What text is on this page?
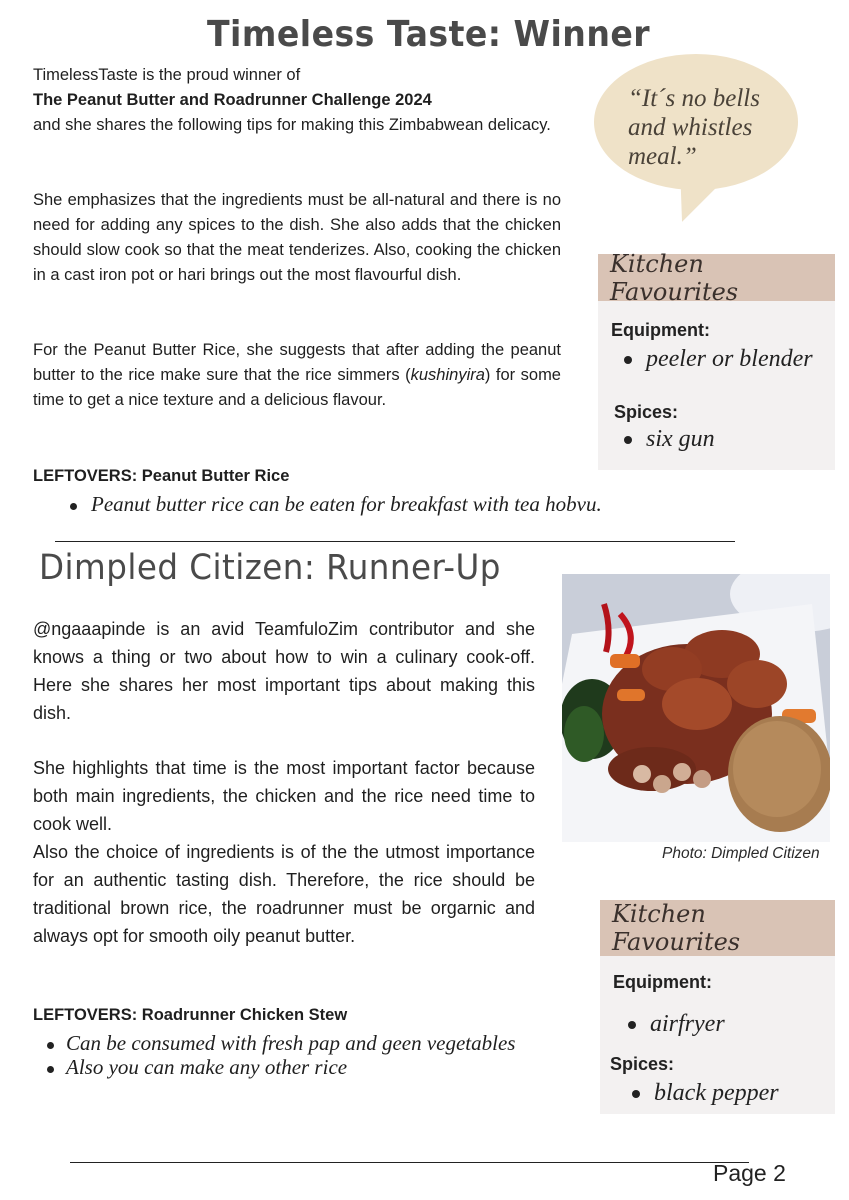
Timeless Taste: Winner
TimelessTaste is the proud winner of
The Peanut Butter and Roadrunner Challenge 2024
and she shares the following tips for making this Zimbabwean delicacy.

She emphasizes that the ingredients must be all-natural and there is no need for adding any spices to the dish. She also adds that the chicken should slow cook so that the meat tenderizes. Also, cooking the chicken in a cast iron pot or hari brings out the most flavourful dish.

For the Peanut Butter Rice, she suggests that after adding the peanut butter to the rice make sure that the rice simmers (kushinyira) for some time to get a nice texture and a delicious flavour.

LEFTOVERS: Peanut Butter Rice
Peanut butter rice can be eaten for breakfast with tea hobvu.
“It´s no bells and whistles meal.”
Kitchen Favourites
Equipment:
peeler or blender
Spices:
six gun
Dimpled Citizen: Runner-Up

@ngaaapinde is an avid TeamfuloZim contributor and she knows a thing or two about how to win a culinary cook-off. Here she shares her most important tips about making this dish.

She highlights that time is the most important factor because both main ingredients, the chicken and the rice need time to cook well.

Also the choice of ingredients is of the the utmost importance for an authentic tasting dish. Therefore, the rice should be traditional brown rice, the roadrunner must be orgarnic and always opt for smooth oily peanut butter.

LEFTOVERS: Roadrunner Chicken Stew
Can be consumed with fresh pap and geen vegetables
Also you can make any other rice
Photo: Dimpled Citizen
Kitchen Favourites
Equipment:
airfryer
Spices:
black pepper
Page 2
